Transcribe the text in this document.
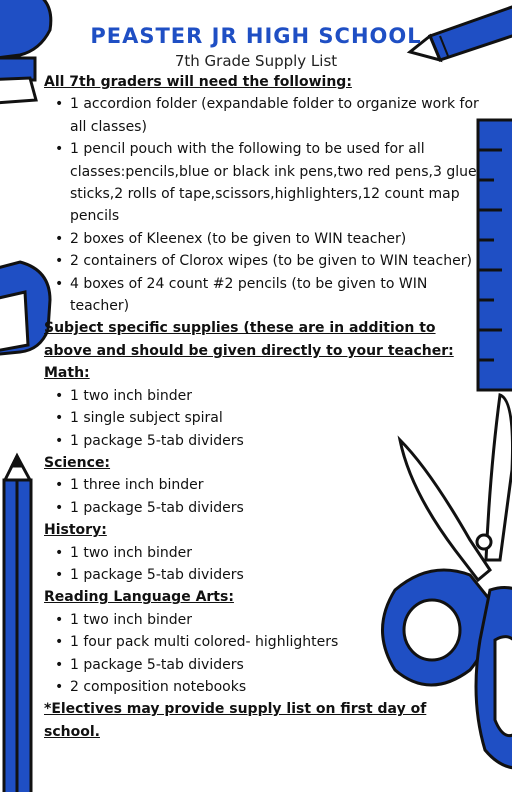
PEASTER JR HIGH SCHOOL
7th Grade Supply List

All 7th graders will need the following:

• 1 accordion folder (expandable folder to organize work for all classes)
• 1 pencil pouch with the following to be used for all classes:pencils,blue or black ink pens,two red pens,3 glue sticks,2 rolls of tape,scissors,highlighters,12 count map pencils
• 2 boxes of Kleenex (to be given to WIN teacher)
• 2 containers of Clorox wipes (to be given to WIN teacher)
• 4 boxes of 24 count #2 pencils (to be given to WIN teacher)

Subject specific supplies (these are in addition to above and should be given directly to your teacher:

Math:

• 1 two inch binder
• 1 single subject spiral
• 1 package 5-tab dividers

Science:

• 1 three inch binder
• 1 package 5-tab dividers

History:

• 1 two inch binder
• 1 package 5-tab dividers

Reading Language Arts:

• 1 two inch binder
• 1 four pack multi colored- highlighters
• 1 package 5-tab dividers
• 2 composition notebooks

*Electives may provide supply list on first day of school.
